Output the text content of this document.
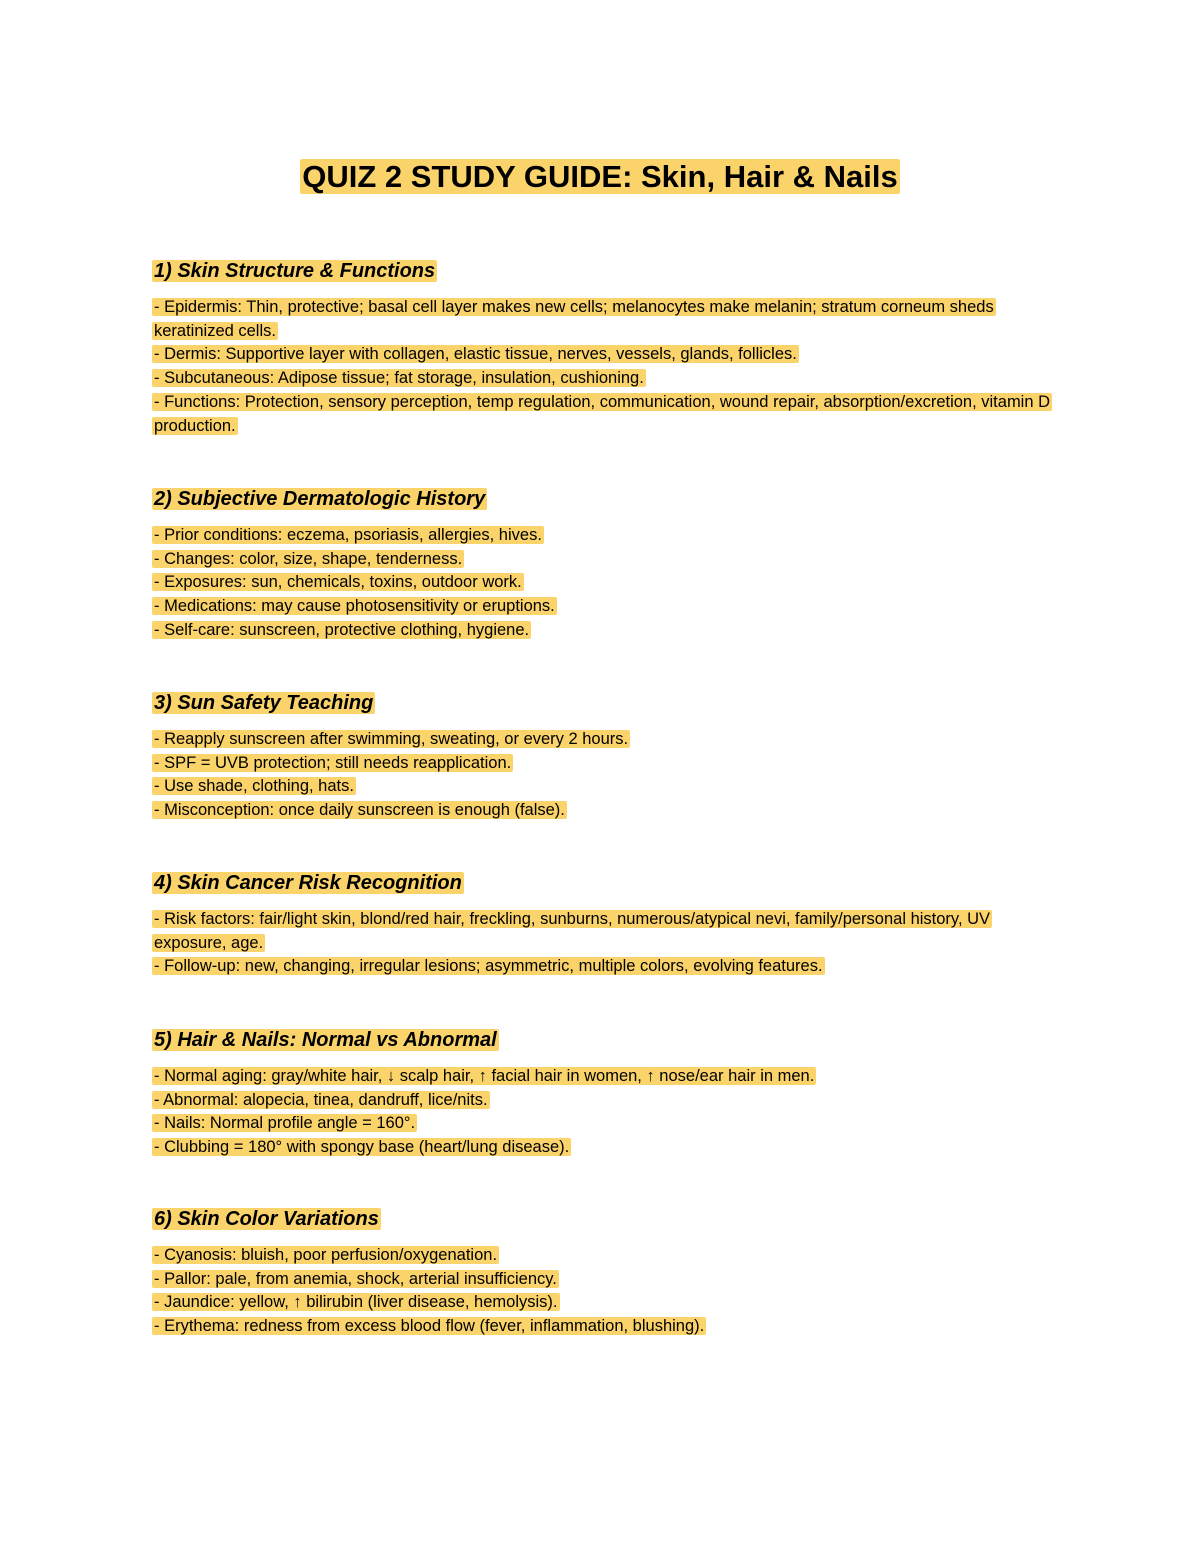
QUIZ 2 STUDY GUIDE: Skin, Hair & Nails
1) Skin Structure & Functions
- Epidermis: Thin, protective; basal cell layer makes new cells; melanocytes make melanin; stratum corneum sheds keratinized cells.
- Dermis: Supportive layer with collagen, elastic tissue, nerves, vessels, glands, follicles.
- Subcutaneous: Adipose tissue; fat storage, insulation, cushioning.
- Functions: Protection, sensory perception, temp regulation, communication, wound repair, absorption/excretion, vitamin D production.
2) Subjective Dermatologic History
- Prior conditions: eczema, psoriasis, allergies, hives.
- Changes: color, size, shape, tenderness.
- Exposures: sun, chemicals, toxins, outdoor work.
- Medications: may cause photosensitivity or eruptions.
- Self-care: sunscreen, protective clothing, hygiene.
3) Sun Safety Teaching
- Reapply sunscreen after swimming, sweating, or every 2 hours.
- SPF = UVB protection; still needs reapplication.
- Use shade, clothing, hats.
- Misconception: once daily sunscreen is enough (false).
4) Skin Cancer Risk Recognition
- Risk factors: fair/light skin, blond/red hair, freckling, sunburns, numerous/atypical nevi, family/personal history, UV exposure, age.
- Follow-up: new, changing, irregular lesions; asymmetric, multiple colors, evolving features.
5) Hair & Nails: Normal vs Abnormal
- Normal aging: gray/white hair, ↓ scalp hair, ↑ facial hair in women, ↑ nose/ear hair in men.
- Abnormal: alopecia, tinea, dandruff, lice/nits.
- Nails: Normal profile angle = 160°.
- Clubbing = 180° with spongy base (heart/lung disease).
6) Skin Color Variations
- Cyanosis: bluish, poor perfusion/oxygenation.
- Pallor: pale, from anemia, shock, arterial insufficiency.
- Jaundice: yellow, ↑ bilirubin (liver disease, hemolysis).
- Erythema: redness from excess blood flow (fever, inflammation, blushing).
